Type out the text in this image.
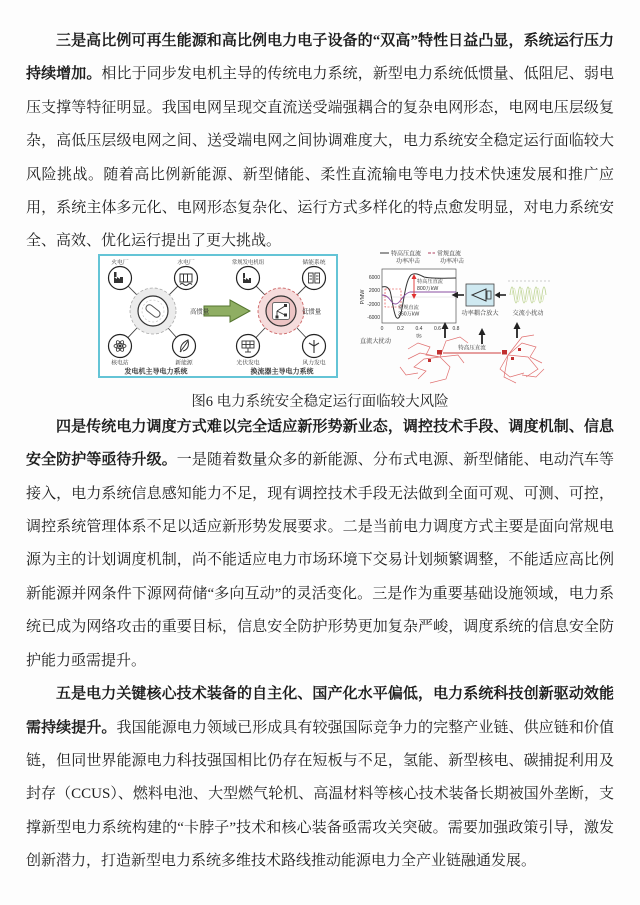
三是高比例可再生能源和高比例电力电子设备的“双高”特性日益凸显，系统运行压力持续增加。相比于同步发电机主导的传统电力系统，新型电力系统低惯量、低阻尼、弱电压支撑等特征明显。我国电网呈现交直流送受端强耦合的复杂电网形态，电网电压层级复杂，高低压层级电网之间、送受端电网之间协调难度大，电力系统安全稳定运行面临较大风险挑战。随着高比例新能源、新型储能、柔性直流输电等电力技术快速发展和推广应用，系统主体多元化、电网形态复杂化、运行方式多样化的特点愈发明显，对电力系统安全、高效、优化运行提出了更大挑战。

火电厂	水电厂
核电站	新能源
高惯量
常规发电机组	储能系统
光伏发电	风力发电
低惯量
发电机主导电力系统	换流器主导电力系统
特高压直流	常规直流
功率冲击	功率冲击
P/MW
6000
2000
-2000
-6000
0	0.2 0.4 0.6 0.8
t/s
特高压直流
800万kW
常规直流
360万kW
直流大扰动
功率耦合放大 交流小扰动
特高压直流

图6 电力系统安全稳定运行面临较大风险

四是传统电力调度方式难以完全适应新形势新业态，调控技术手段、调度机制、信息安全防护等亟待升级。一是随着数量众多的新能源、分布式电源、新型储能、电动汽车等接入，电力系统信息感知能力不足，现有调控技术手段无法做到全面可观、可测、可控，调控系统管理体系不足以适应新形势发展要求。二是当前电力调度方式主要是面向常规电源为主的计划调度机制，尚不能适应电力市场环境下交易计划频繁调整，不能适应高比例新能源并网条件下源网荷储“多向互动”的灵活变化。三是作为重要基础设施领域，电力系统已成为网络攻击的重要目标，信息安全防护形势更加复杂严峻，调度系统的信息安全防护能力亟需提升。

五是电力关键核心技术装备的自主化、国产化水平偏低，电力系统科技创新驱动效能需持续提升。我国能源电力领域已形成具有较强国际竞争力的完整产业链、供应链和价值链，但同世界能源电力科技强国相比仍存在短板与不足，氢能、新型核电、碳捕捉利用及封存（CCUS）、燃料电池、大型燃气轮机、高温材料等核心技术装备长期被国外垄断，支撑新型电力系统构建的“卡脖子”技术和核心装备亟需攻关突破。需要加强政策引导，激发创新潜力，打造新型电力系统多维技术路线推动能源电力全产业链融通发展。
